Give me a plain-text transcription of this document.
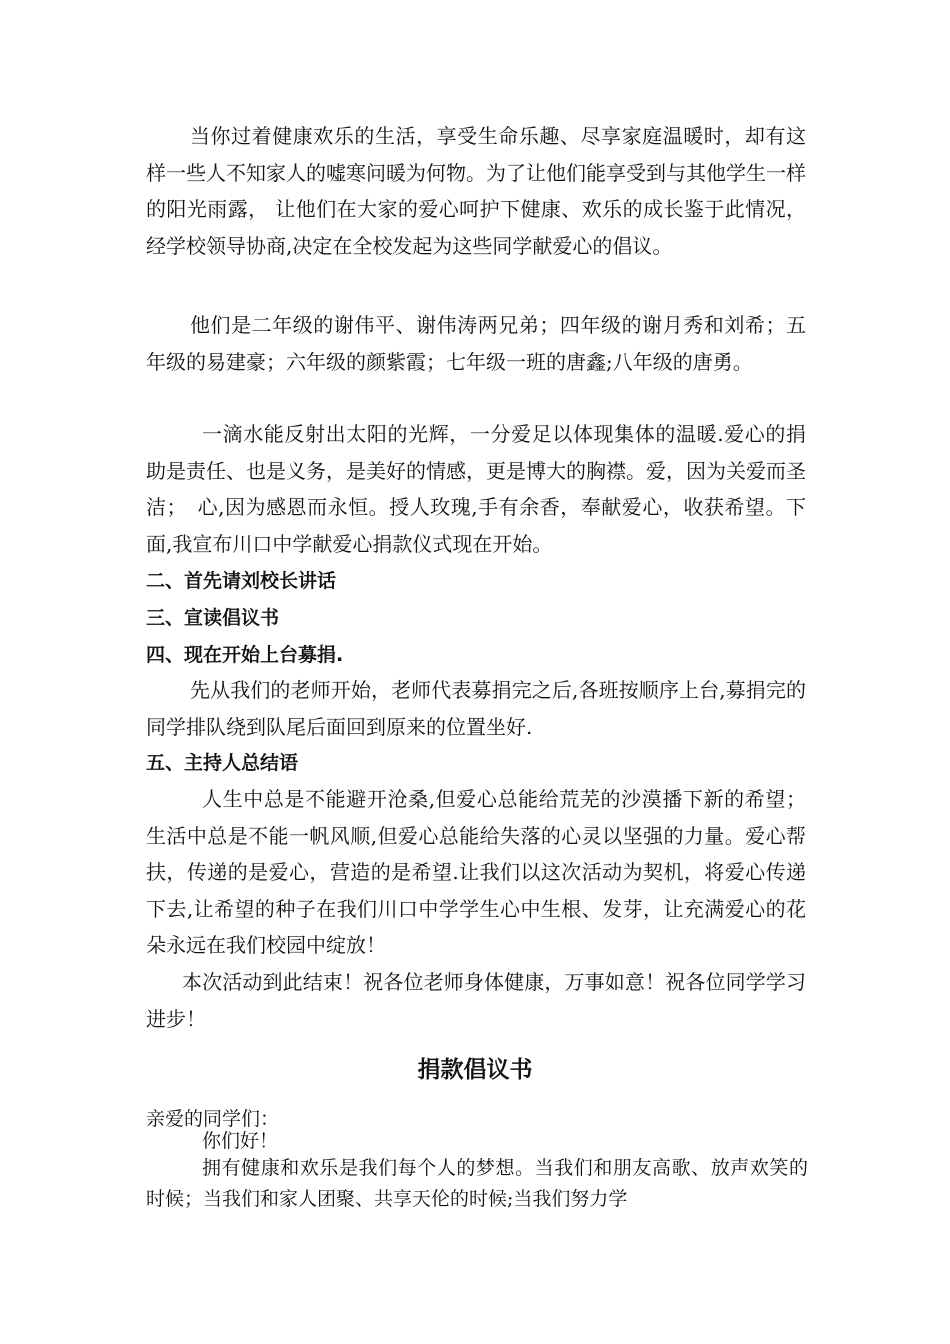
当你过着健康欢乐的生活，享受生命乐趣、尽享家庭温暖时，却有这样一些人不知家人的嘘寒问暖为何物。为了让他们能享受到与其他学生一样的阳光雨露， 让他们在大家的爱心呵护下健康、欢乐的成长鉴于此情况，经学校领导协商,决定在全校发起为这些同学献爱心的倡议。

他们是二年级的谢伟平、谢伟涛两兄弟；四年级的谢月秀和刘希；五年级的易建豪；六年级的颜紫霞；七年级一班的唐鑫;八年级的唐勇。

一滴水能反射出太阳的光辉，一分爱足以体现集体的温暖.爱心的捐助是责任、也是义务，是美好的情感，更是博大的胸襟。爱，因为关爱而圣洁；　心,因为感恩而永恒。授人玫瑰,手有余香，奉献爱心，收获希望。下面,我宣布川口中学献爱心捐款仪式现在开始。

二、首先请刘校长讲话

三、宣读倡议书

四、现在开始上台募捐.

先从我们的老师开始，老师代表募捐完之后,各班按顺序上台,募捐完的同学排队绕到队尾后面回到原来的位置坐好.

五、主持人总结语

人生中总是不能避开沧桑,但爱心总能给荒芜的沙漠播下新的希望；生活中总是不能一帆风顺,但爱心总能给失落的心灵以坚强的力量。爱心帮扶，传递的是爱心，营造的是希望.让我们以这次活动为契机，将爱心传递下去,让希望的种子在我们川口中学学生心中生根、发芽，让充满爱心的花朵永远在我们校园中绽放！

本次活动到此结束！祝各位老师身体健康，万事如意！祝各位同学学习进步！

捐款倡议书

亲爱的同学们：

你们好！

拥有健康和欢乐是我们每个人的梦想。当我们和朋友高歌、放声欢笑的时候；当我们和家人团聚、共享天伦的时候;当我们努力学
